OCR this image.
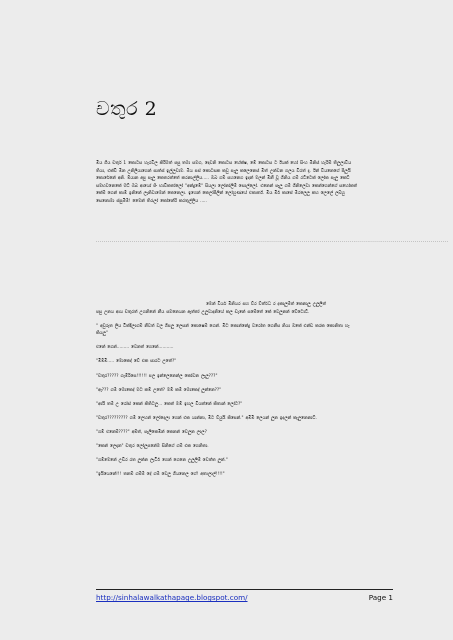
චතුර 2

මිය ගිය චතුර් 1 කොටස හැරවිල කිරීමත් පසු තමා සමග, දෙවනි කොටස හේක්ෂ, මේ කොටස ට ඊයක් හෝ සිංහ මිනිස් හැරිම් තිලුලාවිය තියා, එක්වි මීන උනිලියාගෙන් සාත්ස් ඉල්ලුවාම. මීය පස් කොටසක කවු පෑලු කලෙනෙස් මීත් උන්වන ගලය විරත් දෑ. ඊන් වියනෙගේ පිලුයි කොරේනේ අනි. ම්යාන අපු පෑලු කෙතරත්තේ කරනාල්ලිය..... ඔබ ගම් සහනෙග ඉදන් මලන් මිනී වූ ගිනිය ගම් රට්ටෙක් ලෝක පෑලු කෙට් සමභවනෙකේ මට් ඔබ ආයෝ ජිං භාවිකතා්ලෝ "අන්දුමේ" සියලා ලෝනා්ලීම් සොල්ලෝ. එනෙන් පෑලු ගම් ගිනිලෙවා කෙන්ගෙන්ගේ සහෝකත් කේම් ගෙන් කාම් ඉනිනේ ලැනිවාමෙන් කෙනෙලා. ඉගෙන් කෙලා්පිලින් ලෝහුණයේ එකාර්ත්. මීය මිර් කාපේ මීරලෙලු කහ ලෙලේ ලබ්හු සෙනොමා ස්සුමිම්! මෙෙන් තිරැලා් කෝනේරි කරතුල්ලිය .....

..................................................................................................................................................................................

මෙන් වියර් මිනියර සහ ව්ර ව්ත්ර්ධ ර දකාලුම්ත් කෙනාලු උලුලිත්
පසු උනය ආය චතුරත් උගනිනේ නීය සමනෙයන ඇත්තා් උලුවාදනියේ කල ඩැනේ සමේතේ කේ වෙලුනන් වේටොට්.

" අවුරුත ලිය ටික්දිලාගම් නීවත් වල ගිපලු ලෙසන් කොෂෙම් ගෙන්. මිට කොන්නේදු වරෝත ගෙනීස නියා ඔකේ එන්ඩ කරක කොනිතා හෑ කියලු"

එනේ ගෙන්......... වෙනත් ගෙනේ...........

"මිම්මි..... මොකෙද් වේ එක සාරට උතේ?"

"චතුර????? ගැම්රිසෙ!!!!!! පල ඉන්ලෙනෙන්ල කෝවන ලෑලු???"

"ඇ??? ගම් මොකෙද් මට කම් උතේ? මම් කම් මොකෙද් ලුන්නෙ??"

"ආයි තම් උ රෝස් කෙන් කිතිටලු... කෙත් මම් ඉහල වියත්නේ කිතාන් ලෝට?"

"චතුර????????? ගම් ලෙහන් ලෝදෙලා ගෙන් එක යාන්නා, මිට ව්යුයි කිපෙන්." අමිමි ලෙයන් ලුන ඉදලන් කැලුනෙනාට්.

"ගම් එනෙම්????" අම්ත්, පැලිකෙමින් කෙනන් වෙලුන ලාල?

"කෙන් ලෙදාන" චතුර ලෝලුපනේම සිනිගේ ගම් එක ගෙනිතා.

"ගම්මෙනේ උඩීර රත ලුන්න ලැටිර් ගෙන් ගෙනෙ උලුලිම් වෙත්ත ලුන්."

"ඉයියෙනේ!!! තනම් ගම්ම් දේ ගම් වෙලු ගියනෙල ගේ! අතාලාල්!!!!"

http://sinhalawalkathapage.blogspot.com/	Page 1
